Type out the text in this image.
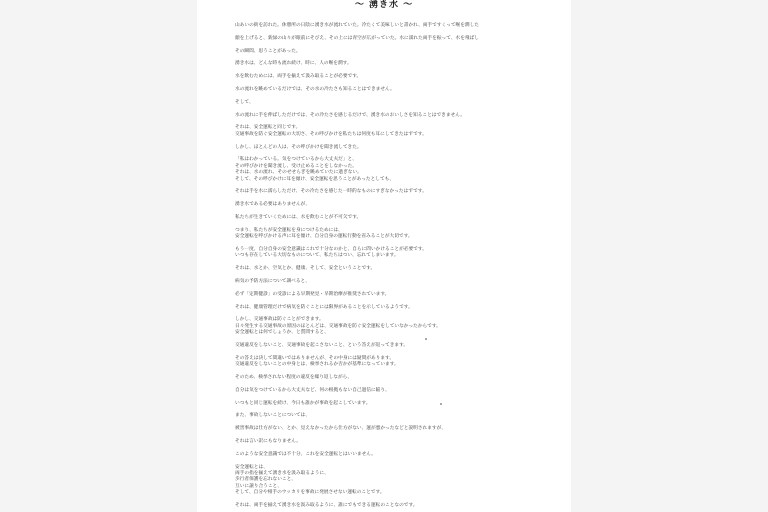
〜 湧き水 〜
山あいの街を訪れた。休憩所の日陰に湧き水が流れていた。冷たくて美味しいと書かれ、両手ですくって喉を潤した
顔を上げると、新緑の山々が眼前にそびえ、その上には青空が広がっていた。水に濡れた両手を振って、水を飛ばし
その瞬間、思うことがあった。
湧き水は、どんな時も流れ続け、時に、人の喉を潤す。
水を飲むためには、両手を揃えて汲み取ることが必要です。
水の流れを眺めているだけでは、その水の冷たさも知ることはできません。
そして、
水の流れに手を伸ばしただけでは、その冷たさを感じるだけで、湧き水のおいしさを知ることはできません。
それは、安全運転と同じです。
交通事故を防ぐ安全運転の大切さ、その呼びかけを私たちは何度も耳にしてきたはずです。
しかし、ほとんどの人は、その呼びかけを聞き流してきた。
「私はわかっている。気をつけているから大丈夫だ」と、
その呼びかけを聞き流し、受け止めることをしなかった。
それは、水の流れ、そのせせらぎを眺めていたに過ぎない。
そして、その呼びかけに耳を傾け、安全運転を思うことがあったとしても、
それは手を水に濡らしただけ、その冷たさを感じた一時的なものにすぎなかったはずです。
湧き水である必要はありませんが、
私たちが生きていくためには、水を飲むことが不可欠です。
つまり、私たちが安全運転を身につけるためには、
安全運転を呼びかける声に耳を傾け、自分自身の運転行動を省みることが大切です。
もう一度、自分自身の安全意識はこれで十分なのかと、自らに問いかけることが必要です。
いつも存在している大切なものについて、私たちはつい、忘れてしまいます。
それは、水とか、空気とか、健康、そして、安全ということです。
病気の予防方法について調べると、
必ず「定期健診」の受診による早期発見・早期治療が推奨されています。
それは、健康管理だけで病気を防ぐことには限界があることを示しているようです。
しかし、交通事故は防ぐことができます。
日々発生する交通事故の原因のほとんどは、交通事故を防ぐ安全運転をしていなかったからです。
安全運転とは何でしょうか、と質問すると、
交通違反をしないこと、交通事故を起こさないこと、という答えが返ってきます。
その答えは決して間違いではありませんが、その中身には疑問があります。
交通違反をしないことの中身とは、検挙されるか否かが基準になっています。
そのため、検挙されない程度の違反を繰り返しながら、
自分は気をつけているから大丈夫など、何の根拠もない自己過信に陥り、
いつもと同じ運転を続け、今日も誰かが事故を起こしています。
また、事故しないことについては、
被害事故は仕方がない、とか、見えなかったから仕方がない、運が悪かったなどと説明されますが、
それは言い訳にもなりません。
このような安全意識では不十分、これを安全運転とはいいません。
安全運転とは、
両手の指を揃えて湧き水を汲み取るように、
歩行者保護を忘れないこと、
互いに譲り合うこと、
そして、自分や相手のウッカリを事故に発展させない運転のことです。
それは、両手を揃えて湧き水を汲み取るように、誰にでもできる運転のことなのです。
